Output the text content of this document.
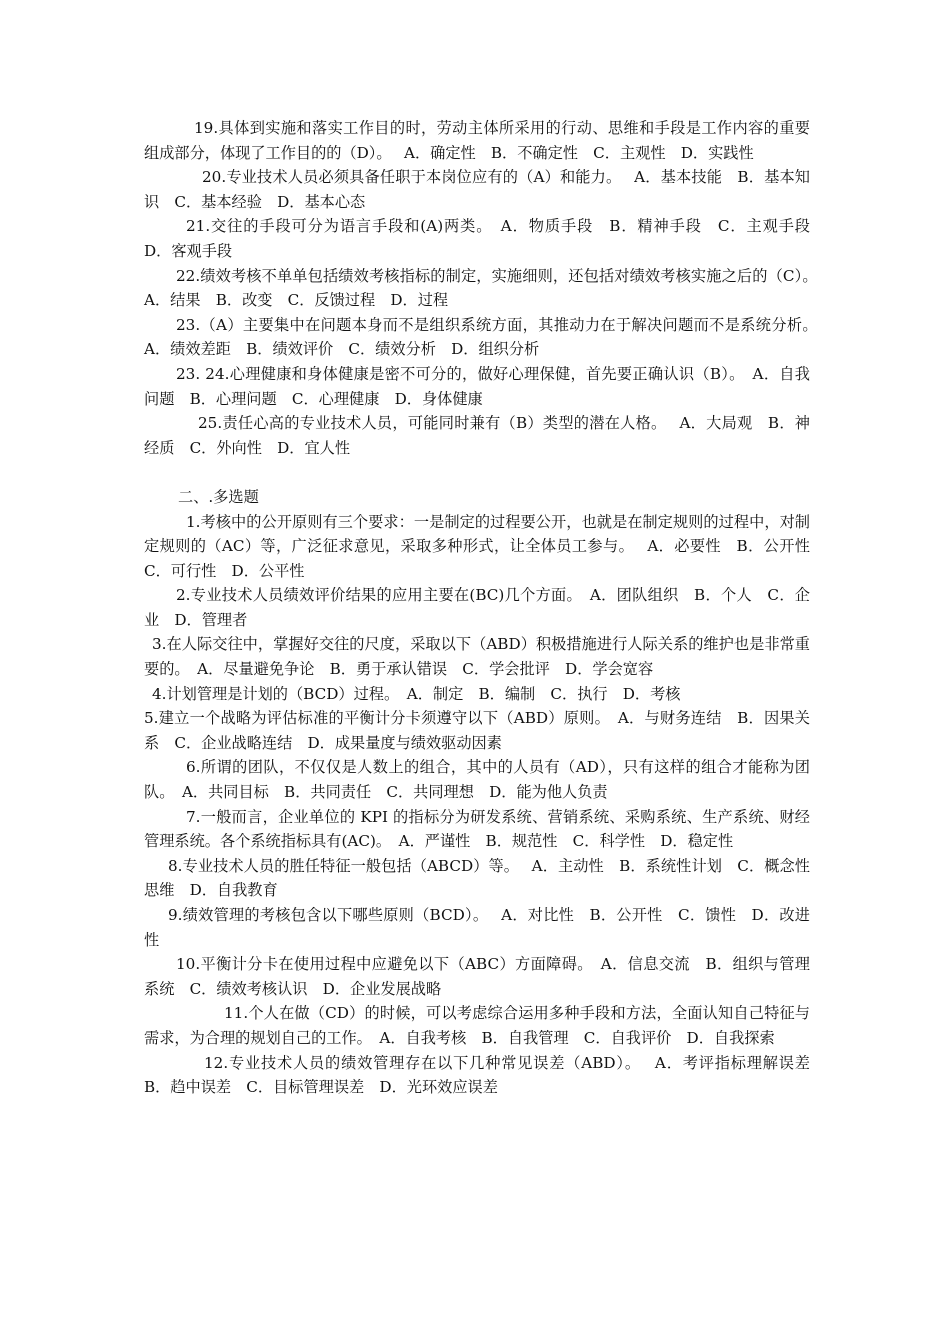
19.具体到实施和落实工作目的时，劳动主体所采用的行动、思维和手段是工作内容的重要组成部分，体现了工作目的的（D）。　 A．确定性　B．不确定性　C．主观性　D．实践性

20.专业技术人员必须具备任职于本岗位应有的（A）和能力。　 A．基本技能　B．基本知识　C．基本经验　D．基本心态

21.交往的手段可分为语言手段和(A)两类。　A．物质手段　B．精神手段　C．主观手段　D．客观手段

22.绩效考核不单单包括绩效考核指标的制定，实施细则，还包括对绩效考核实施之后的（C）。　 A．结果　B．改变　C．反馈过程　D．过程

23.（A）主要集中在问题本身而不是组织系统方面，其推动力在于解决问题而不是系统分析。　 A．绩效差距　B．绩效评价　C．绩效分析　D．组织分析

23. 24.心理健康和身体健康是密不可分的，做好心理保健，首先要正确认识（B）。　A．自我问题　B．心理问题　C．心理健康　D．身体健康

25.责任心高的专业技术人员，可能同时兼有（B）类型的潜在人格。　 A．大局观　B．神经质　C．外向性　D．宜人性

二、.多选题

1.考核中的公开原则有三个要求：一是制定的过程要公开，也就是在制定规则的过程中，对制定规则的（AC）等，广泛征求意见，采取多种形式，让全体员工参与。　 A．必要性　B．公开性　C．可行性　D．公平性

2.专业技术人员绩效评价结果的应用主要在(BC)几个方面。　A．团队组织　B．个人　C．企业　D．管理者

3.在人际交往中，掌握好交往的尺度，采取以下（ABD）积极措施进行人际关系的维护也是非常重要的。　A．尽量避免争论　B．勇于承认错误　C．学会批评　D．学会宽容

4.计划管理是计划的（BCD）过程。　A．制定　B．编制　C．执行　D．考核

5.建立一个战略为评估标准的平衡计分卡须遵守以下（ABD）原则。　A．与财务连结　B．因果关系　C．企业战略连结　D．成果量度与绩效驱动因素

6.所谓的团队，不仅仅是人数上的组合，其中的人员有（AD），只有这样的组合才能称为团队。　A．共同目标　B．共同责任　C．共同理想　D．能为他人负责

7.一般而言，企业单位的 KPI 的指标分为研发系统、营销系统、采购系统、生产系统、财经管理系统。各个系统指标具有(AC)。　A．严谨性　B．规范性　C．科学性　D．稳定性

8.专业技术人员的胜任特征一般包括（ABCD）等。　 A．主动性　B．系统性计划　C．概念性思维　D．自我教育

9.绩效管理的考核包含以下哪些原则（BCD）。　 A．对比性　B．公开性　C．馈性　D．改进性

10.平衡计分卡在使用过程中应避免以下（ABC）方面障碍。　A．信息交流　B．组织与管理系统　C．绩效考核认识　D．企业发展战略

11.个人在做（CD）的时候，可以考虑综合运用多种手段和方法，全面认知自己特征与需求，为合理的规划自己的工作。　A．自我考核　B．自我管理　C．自我评价　D．自我探索

12.专业技术人员的绩效管理存在以下几种常见误差（ABD）。　 A．考评指标理解误差　B．趋中误差　C．目标管理误差　D．光环效应误差
